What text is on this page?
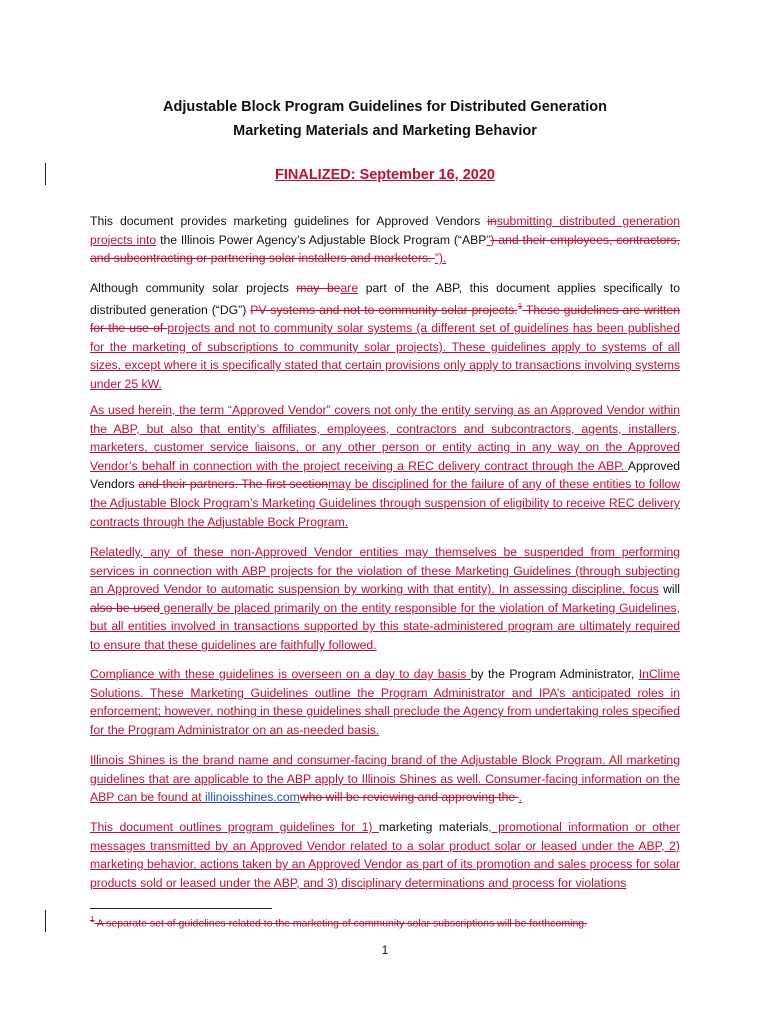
Adjustable Block Program Guidelines for Distributed Generation
Marketing Materials and Marketing Behavior
FINALIZED: September 16, 2020

This document provides marketing guidelines for Approved Vendors insubmitting distributed generation projects into the Illinois Power Agency’s Adjustable Block Program (“ABP”) and their employees, contractors, and subcontracting or partnering solar installers and marketers. ”).

Although community solar projects may beare part of the ABP, this document applies specifically to distributed generation (“DG”) PV systems and not to community solar projects.$^1$ These guidelines are written for the use of projects and not to community solar systems (a different set of guidelines has been published for the marketing of subscriptions to community solar projects). These guidelines apply to systems of all sizes, except where it is specifically stated that certain provisions only apply to transactions involving systems under 25 kW.

As used herein, the term “Approved Vendor” covers not only the entity serving as an Approved Vendor within the ABP, but also that entity’s affiliates, employees, contractors and subcontractors, agents, installers, marketers, customer service liaisons, or any other person or entity acting in any way on the Approved Vendor’s behalf in connection with the project receiving a REC delivery contract through the ABP. Approved Vendors and their partners. The first sectionmay be disciplined for the failure of any of these entities to follow the Adjustable Block Program’s Marketing Guidelines through suspension of eligibility to receive REC delivery contracts through the Adjustable Bock Program.

Relatedly, any of these non-Approved Vendor entities may themselves be suspended from performing services in connection with ABP projects for the violation of these Marketing Guidelines (through subjecting an Approved Vendor to automatic suspension by working with that entity). In assessing discipline, focus will also be used generally be placed primarily on the entity responsible for the violation of Marketing Guidelines, but all entities involved in transactions supported by this state-administered program are ultimately required to ensure that these guidelines are faithfully followed.

Compliance with these guidelines is overseen on a day to day basis by the Program Administrator, InClime Solutions. These Marketing Guidelines outline the Program Administrator and IPA’s anticipated roles in enforcement; however, nothing in these guidelines shall preclude the Agency from undertaking roles specified for the Program Administrator on an as-needed basis.

Illinois Shines is the brand name and consumer-facing brand of the Adjustable Block Program. All marketing guidelines that are applicable to the ABP apply to Illinois Shines as well. Consumer-facing information on the ABP can be found at illinoisshines.comwho will be reviewing and approving the .

This document outlines program guidelines for 1) marketing materials, promotional information or other messages transmitted by an Approved Vendor related to a solar product solar or leased under the ABP, 2) marketing behavior, actions taken by an Approved Vendor as part of its promotion and sales process for solar products sold or leased under the ABP, and 3) disciplinary determinations and process for violations

$^1$ A separate set of guidelines related to the marketing of community solar subscriptions will be forthcoming.
1
